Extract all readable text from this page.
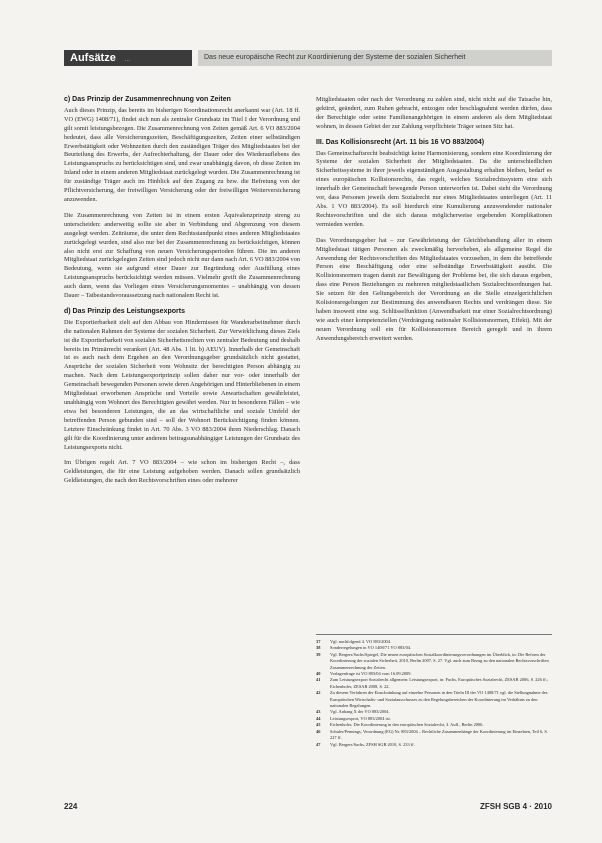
Aufsätze ...	Das neue europäische Recht zur Koordinierung der Systeme der sozialen Sicherheit
c) Das Prinzip der Zusammenrechnung von Zeiten

Auch dieses Prinzip, das bereits im bisherigen Koordinationsrecht anerkannt war (Art. 18 ff. VO (EWG) 1408/71), findet sich nun als zentraler Grundsatz im Titel I der Verordnung und gilt somit leistungsbezogen. Die Zusammenrechnung von Zeiten gemäß Art. 6 VO 883/2004 bedeutet, dass alle Versicherungszeiten, Beschäftigungszeiten, Zeiten einer selbständigen Erwerbstätigkeit oder Wohnzeiten durch den zuständigen Träger des Mitgliedstaates bei der Beurteilung des Erwerbs, der Aufrechterhaltung, der Dauer oder des Wiederauflebens des Leistungsanspruchs zu berücksichtigen sind, und zwar unabhängig davon, ob diese Zeiten im Inland oder in einem anderen Mitgliedstaat zurückgelegt wurden. Die Zusammenrechnung ist für zuständige Träger auch im Hinblick auf den Zugang zu bzw. die Befreiung von der Pflichtversicherung, der freiwilligen Versicherung oder der freiwilligen Weiterversicherung anzuwenden.

Die Zusammenrechnung von Zeiten ist in einem ersten Äquivalenzprinzip streng zu unterscheiden: anderweitig sollte sie aber in Verbindung und Abgrenzung von diesem ausgelegt werden. Zeiträume, die unter dem Rechtsstandpunkt eines anderen Mitgliedstaates zurückgelegt wurden, sind also nur bei der Zusammenrechnung zu berücksichtigen, können also nicht erst zur Schaffung von neuen Versicherungsperioden führen. Die im anderen Mitgliedstaat zurückgelegten Zeiten sind jedoch nicht nur dann nach Art. 6 VO 883/2004 von Bedeutung, wenn sie aufgrund einer Dauer zur Begründung oder Ausfüllung eines Leistungsanspruchs berücksichtigt werden müssen. Vielmehr greift die Zusammenrechnung auch dann, wenn das Vorliegen eines Versicherungsmomentes – unabhängig von dessen Dauer – Tatbestandsvoraussetzung nach nationalem Recht ist.

d) Das Prinzip des Leistungsexports

Die Exportierbarkeit zielt auf den Abbau von Hindernissen für Wanderarbeitnehmer durch die nationalen Rahmen der Systeme der sozialen Sicherheit. Zur Verwirklichung dieses Ziels ist die Exportierbarkeit von sozialen Sicherheitsrechten von zentraler Bedeutung und deshalb bereits im Primärrecht verankert (Art. 48 Abs. 1 lit. b) AEUV). Innerhalb der Gemeinschaft ist es auch nach dem Ergehen an den Verordnungsgeber grundsätzlich nicht gestattet, Ansprüche der sozialen Sicherheit vom Wohnsitz der berechtigten Person abhängig zu machen. Nach dem Leistungsexportprinzip sollen daher nur vor- oder innerhalb der Gemeinschaft bewegenden Personen sowie deren Angehörigen und Hinterbliebenen in einem Mitgliedstaat erworbenen Ansprüche und Vorteile sowie Anwartschaften gewährleistet, unabhängig vom Wohnort des Berechtigten gewährt werden. Nur in besonderen Fällen – wie etwa bei besonderen Leistungen, die an das wirtschaftliche und soziale Umfeld der betreffenden Person gebunden sind – soll der Wohnort Berücksichtigung finden können. Letztere Einschränkung findet in Art. 70 Abs. 3 VO 883/2004 ihren Niederschlag. Danach gilt für die Koordinierung unter anderem beitragsunabhängiger Leistungen der Grundsatz des Leistungsexports nicht.

Im Übrigen regelt Art. 7 VO 883/2004 – wie schon im bisherigen Recht –, dass Geldleistungen, die für eine Leistung aufgehoben werden. Danach sollen grundsätzlich Geldleistungen, die nach den Rechtsvorschriften eines oder mehrerer

Mitgliedstaaten oder nach der Verordnung zu zahlen sind, nicht nicht auf die Tatsache hin, gekürzt, geändert, zum Ruhen gebracht, entzogen oder beschlagnahmt werden dürfen, dass der Berechtigte oder seine Familienangehörigen in einem anderen als dem Mitgliedstaat wohnen, in dessen Gebiet der zur Zahlung verpflichtete Träger seinen Sitz hat.

III. Das Kollisionsrecht (Art. 11 bis 16 VO 883/2004)

Das Gemeinschaftsrecht beabsichtigt keine Harmonisierung, sondern eine Koordinierung der Systeme der sozialen Sicherheit der Mitgliedstaaten. Da die unterschiedlichen Sicherheitssysteme in ihrer jeweils eigenständigen Ausgestaltung erhalten bleiben, bedarf es eines europäischen Kollisionsrechts, das regelt, welches Sozialrechtssystem eine sich innerhalb der Gemeinschaft bewegende Person unterworfen ist. Dabei sieht die Verordnung vor, dass Personen jeweils dem Sozialrecht nur eines Mitgliedstaates unterliegen (Art. 11 Abs. 1 VO 883/2004). Es soll hierdurch eine Kumulierung anzuwendender nationaler Rechtsvorschriften und die sich daraus möglicherweise ergebenden Komplikationen vermieden werden.

Das Verordnungsgeber hat – zur Gewährleistung der Gleichbehandlung aller in einem Mitgliedstaat tätigen Personen als zweckmäßig hervorheben, als allgemeine Regel die Anwendung der Rechtsvorschriften des Mitgliedstaates vorzusehen, in dem die betreffende Person eine Beschäftigung oder eine selbständige Erwerbstätigkeit ausübt. Die Kollisionsnormen tragen damit zur Bewältigung der Probleme bei, die sich daraus ergeben, dass eine Person Beziehungen zu mehreren mitgliedstaatlichen Sozialrechtsordnungen hat. Sie setzen für den Geltungsbereich der Verordnung an die Stelle einzelgerichtlichen Kolisionsregelungen zur Bestimmung des anwendbaren Rechts und verdrängen diese. Sie haben insoweit eine sog. Schlüsselfunktion (Anwendbarkeit nur einer Sozialrechtsordnung) wie auch einer kompetenziellen (Verdrängung nationaler Kollisionsnormen, Effekt). Mit der neuen Verordnung soll ein für Kollisionsnormen Bereich geregelt und in ihrem Anwendungsbereich erweitert werden.

37	Vgl. nachfolgend 4. VO 883/2004.
38	Sonderregelungen in VO 1408/71 VO 883/04.
39	Vgl. Bergers/Sachs/Spiegel, Die neuen europäischen Sozialkoordinierungsverordnungen im Überblick, in: Die Reform der Koordinierung der sozialen Sicherheit, 2010, Berlin 2007, S. 27. Vgl. auch zum Bezug zu den nationalen Rechtsvorschriften Zusammenrechnung der Zeiten.
40	Vorlagenfrage ist VO 883/04 vom 16.09.2009.
41	Zum Leistungsexport Sozialrecht allgemein: Leistungsexport, in: Fuchs, Europäisches Sozialrecht, ZESAR 2006, S. 226 ff.; Eichenhofer, ZESAR 2008, S. 22.
42	Zu diesem Verfahren der Einschränkung auf einzelne Personen in den Titeln III der VO 1408/71 vgl. die Stellungnahme des Europäischen Wirtschafts- und Sozialausschusses zu den Regelungsbereichen der Koordinierung im Verhältnis zu den nationalen Regelungen.
43	Vgl. Anhang X der VO 883/2004.
44	Leistungsexport, VO 883/2004 ist.
45	Eichenhofer, Die Koordinierung in den europäischen Sozialrecht, 3. Aufl., Berlin 2006.
46	Schuler/Pennings, Verordnung (EG) Nr. 883/2004 – Rechtliche Zusammenhänge der Koordinierung im Einzelnen, Teil 6, S. 227 ff.
47	Vgl. Bergers/Sachs, ZFSH SGB 2010, S. 233 ff.
224	ZFSH SGB 4 · 2010
